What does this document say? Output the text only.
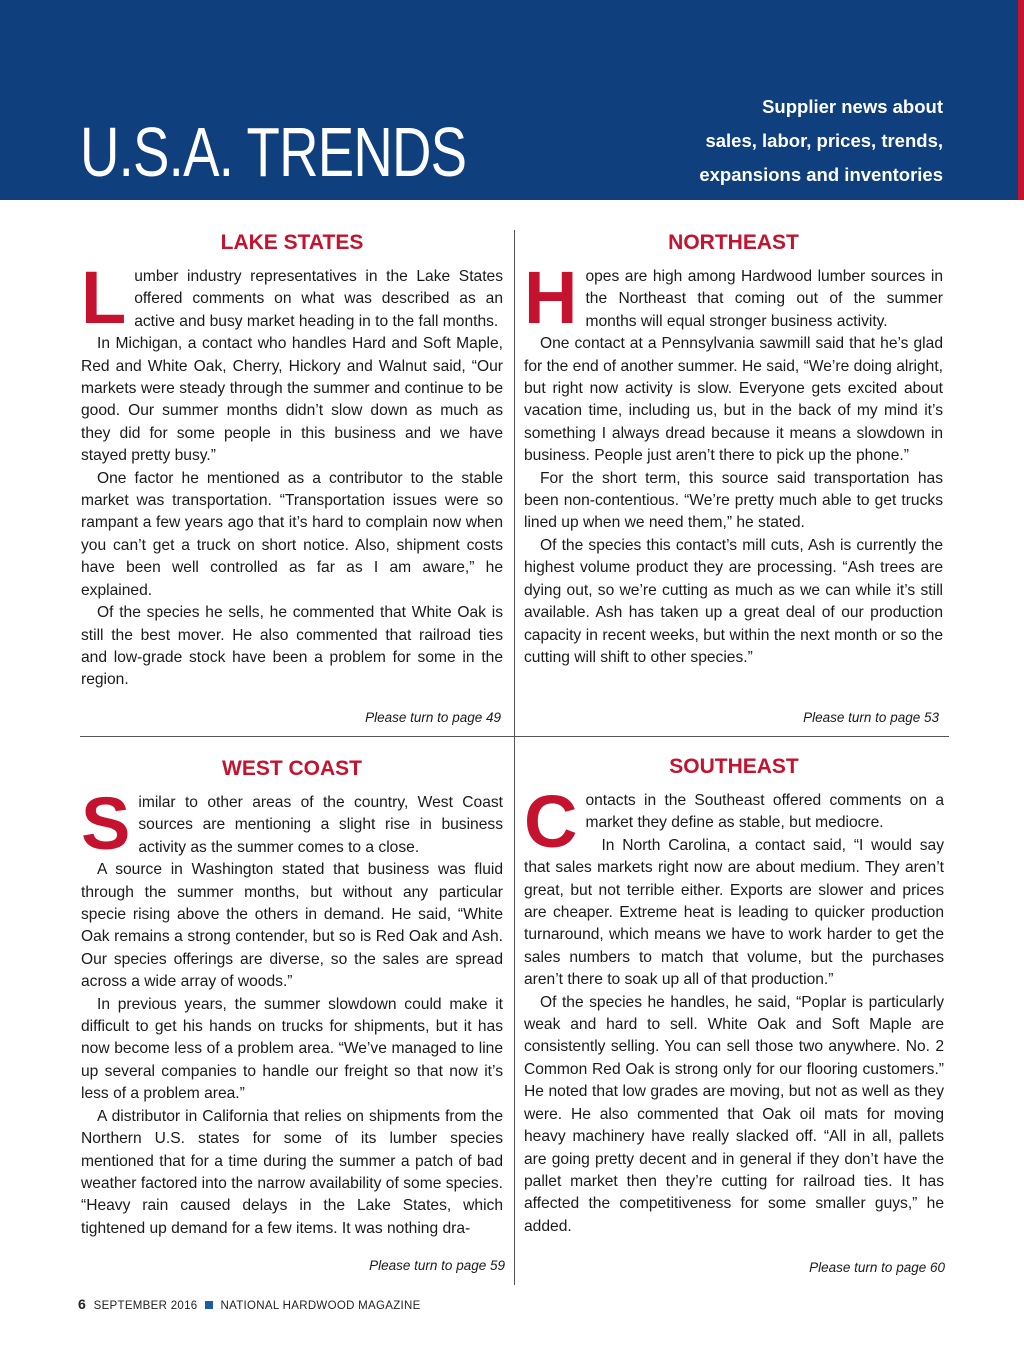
U.S.A. TRENDS
Supplier news about
sales, labor, prices, trends,
expansions and inventories
LAKE STATES
L umber industry representatives in the Lake States offered comments on what was described as an active and busy market heading in to the fall months.

In Michigan, a contact who handles Hard and Soft Maple, Red and White Oak, Cherry, Hickory and Walnut said, “Our markets were steady through the summer and continue to be good. Our summer months didn’t slow down as much as they did for some people in this business and we have stayed pretty busy.”

One factor he mentioned as a contributor to the stable market was transportation. “Transportation issues were so rampant a few years ago that it’s hard to complain now when you can’t get a truck on short notice. Also, shipment costs have been well controlled as far as I am aware,” he explained.

Of the species he sells, he commented that White Oak is still the best mover. He also commented that railroad ties and low-grade stock have been a problem for some in the region.

Please turn to page 49
NORTHEAST
H opes are high among Hardwood lumber sources in the Northeast that coming out of the summer months will equal stronger business activity.

One contact at a Pennsylvania sawmill said that he’s glad for the end of another summer. He said, “We’re doing alright, but right now activity is slow. Everyone gets excited about vacation time, including us, but in the back of my mind it’s something I always dread because it means a slowdown in business. People just aren’t there to pick up the phone.”

For the short term, this source said transportation has been non-contentious. “We’re pretty much able to get trucks lined up when we need them,” he stated.

Of the species this contact’s mill cuts, Ash is currently the highest volume product they are processing. “Ash trees are dying out, so we’re cutting as much as we can while it’s still available. Ash has taken up a great deal of our production capacity in recent weeks, but within the next month or so the cutting will shift to other species.”

Please turn to page 53
WEST COAST
S imilar to other areas of the country, West Coast sources are mentioning a slight rise in business activity as the summer comes to a close.

A source in Washington stated that business was fluid through the summer months, but without any particular specie rising above the others in demand. He said, “White Oak remains a strong contender, but so is Red Oak and Ash. Our species offerings are diverse, so the sales are spread across a wide array of woods.”

In previous years, the summer slowdown could make it difficult to get his hands on trucks for shipments, but it has now become less of a problem area. “We’ve managed to line up several companies to handle our freight so that now it’s less of a problem area.”

A distributor in California that relies on shipments from the Northern U.S. states for some of its lumber species mentioned that for a time during the summer a patch of bad weather factored into the narrow availability of some species. “Heavy rain caused delays in the Lake States, which tightened up demand for a few items. It was nothing dra-

Please turn to page 59
SOUTHEAST
C ontacts in the Southeast offered comments on a market they define as stable, but mediocre.

In North Carolina, a contact said, “I would say that sales markets right now are about medium. They aren’t great, but not terrible either. Exports are slower and prices are cheaper. Extreme heat is leading to quicker production turnaround, which means we have to work harder to get the sales numbers to match that volume, but the purchases aren’t there to soak up all of that production.”

Of the species he handles, he said, “Poplar is particularly weak and hard to sell. White Oak and Soft Maple are consistently selling. You can sell those two anywhere. No. 2 Common Red Oak is strong only for our flooring customers.” He noted that low grades are moving, but not as well as they were. He also commented that Oak oil mats for moving heavy machinery have really slacked off. “All in all, pallets are going pretty decent and in general if they don’t have the pallet market then they’re cutting for railroad ties. It has affected the competitiveness for some smaller guys,” he added.

Please turn to page 60
6 SEPTEMBER 2016 NATIONAL HARDWOOD MAGAZINE
